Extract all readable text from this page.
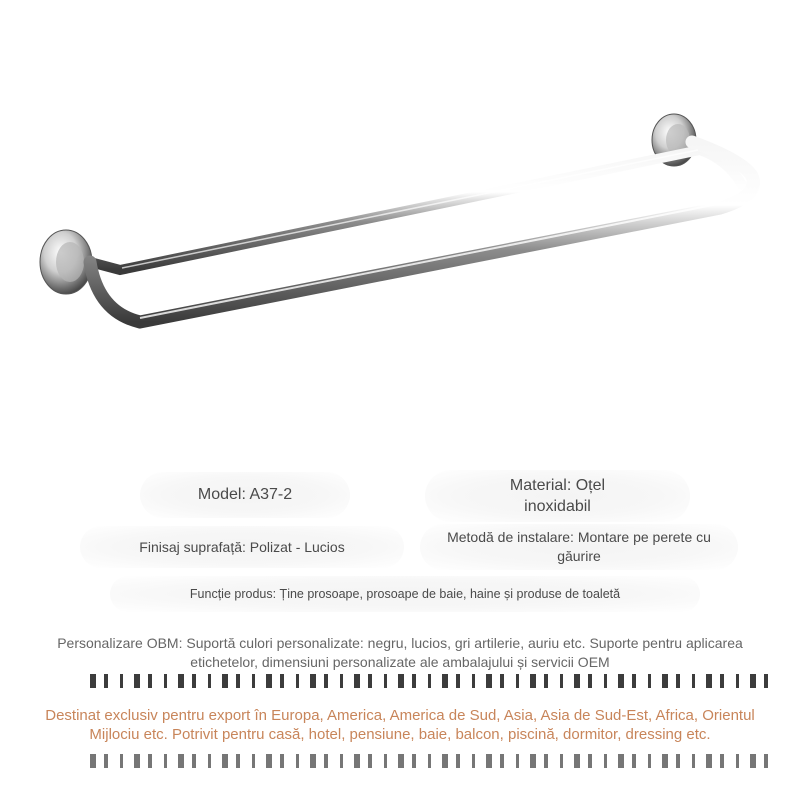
Model: A37-2
Material: Oțel inoxidabil
Finisaj suprafață: Polizat - Lucios
Metodă de instalare: Montare pe perete cu găurire
Funcție produs: Ține prosoape, prosoape de baie, haine și produse de toaletă
Personalizare OBM: Suportă culori personalizate: negru, lucios, gri artilerie, auriu etc. Suporte pentru aplicarea etichetelor, dimensiuni personalizate ale ambalajului și servicii OEM
Destinat exclusiv pentru export în Europa, America, America de Sud, Asia, Asia de Sud-Est, Africa, Orientul Mijlociu etc. Potrivit pentru casă, hotel, pensiune, baie, balcon, piscină, dormitor, dressing etc.
